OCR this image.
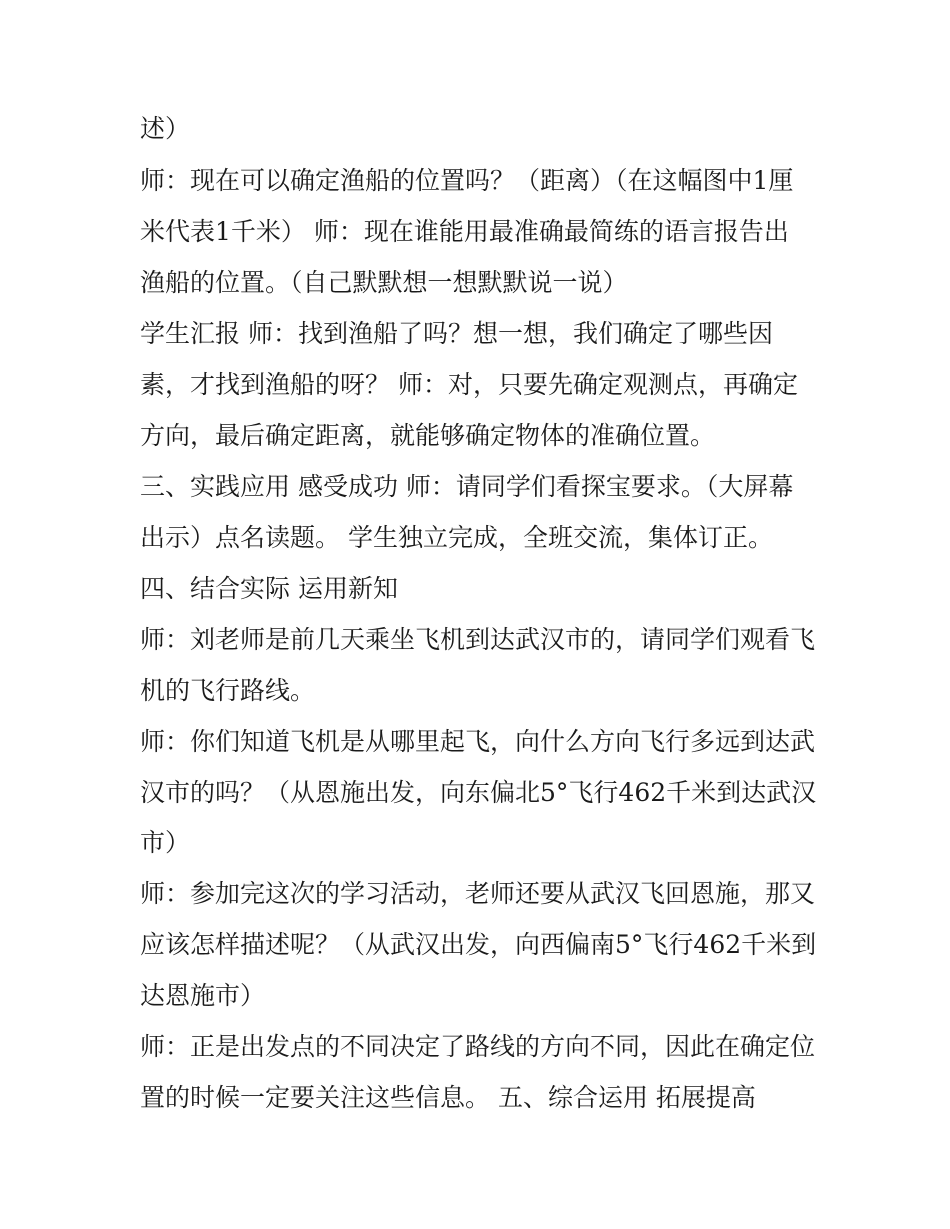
述）
师：现在可以确定渔船的位置吗？（距离）（在这幅图中1厘
米代表1千米） 师：现在谁能用最准确最简练的语言报告出
渔船的位置。（自己默默想一想默默说一说）
学生汇报 师：找到渔船了吗？想一想，我们确定了哪些因
素，才找到渔船的呀？ 师：对，只要先确定观测点，再确定
方向，最后确定距离，就能够确定物体的准确位置。
三、实践应用 感受成功 师：请同学们看探宝要求。（大屏幕
出示）点名读题。 学生独立完成，全班交流，集体订正。
四、结合实际 运用新知
师：刘老师是前几天乘坐飞机到达武汉市的，请同学们观看飞
机的飞行路线。
师：你们知道飞机是从哪里起飞，向什么方向飞行多远到达武
汉市的吗？（从恩施出发，向东偏北5°飞行462千米到达武汉
市）
师：参加完这次的学习活动，老师还要从武汉飞回恩施，那又
应该怎样描述呢？（从武汉出发，向西偏南5°飞行462千米到
达恩施市）
师：正是出发点的不同决定了路线的方向不同，因此在确定位
置的时候一定要关注这些信息。 五、综合运用 拓展提高
